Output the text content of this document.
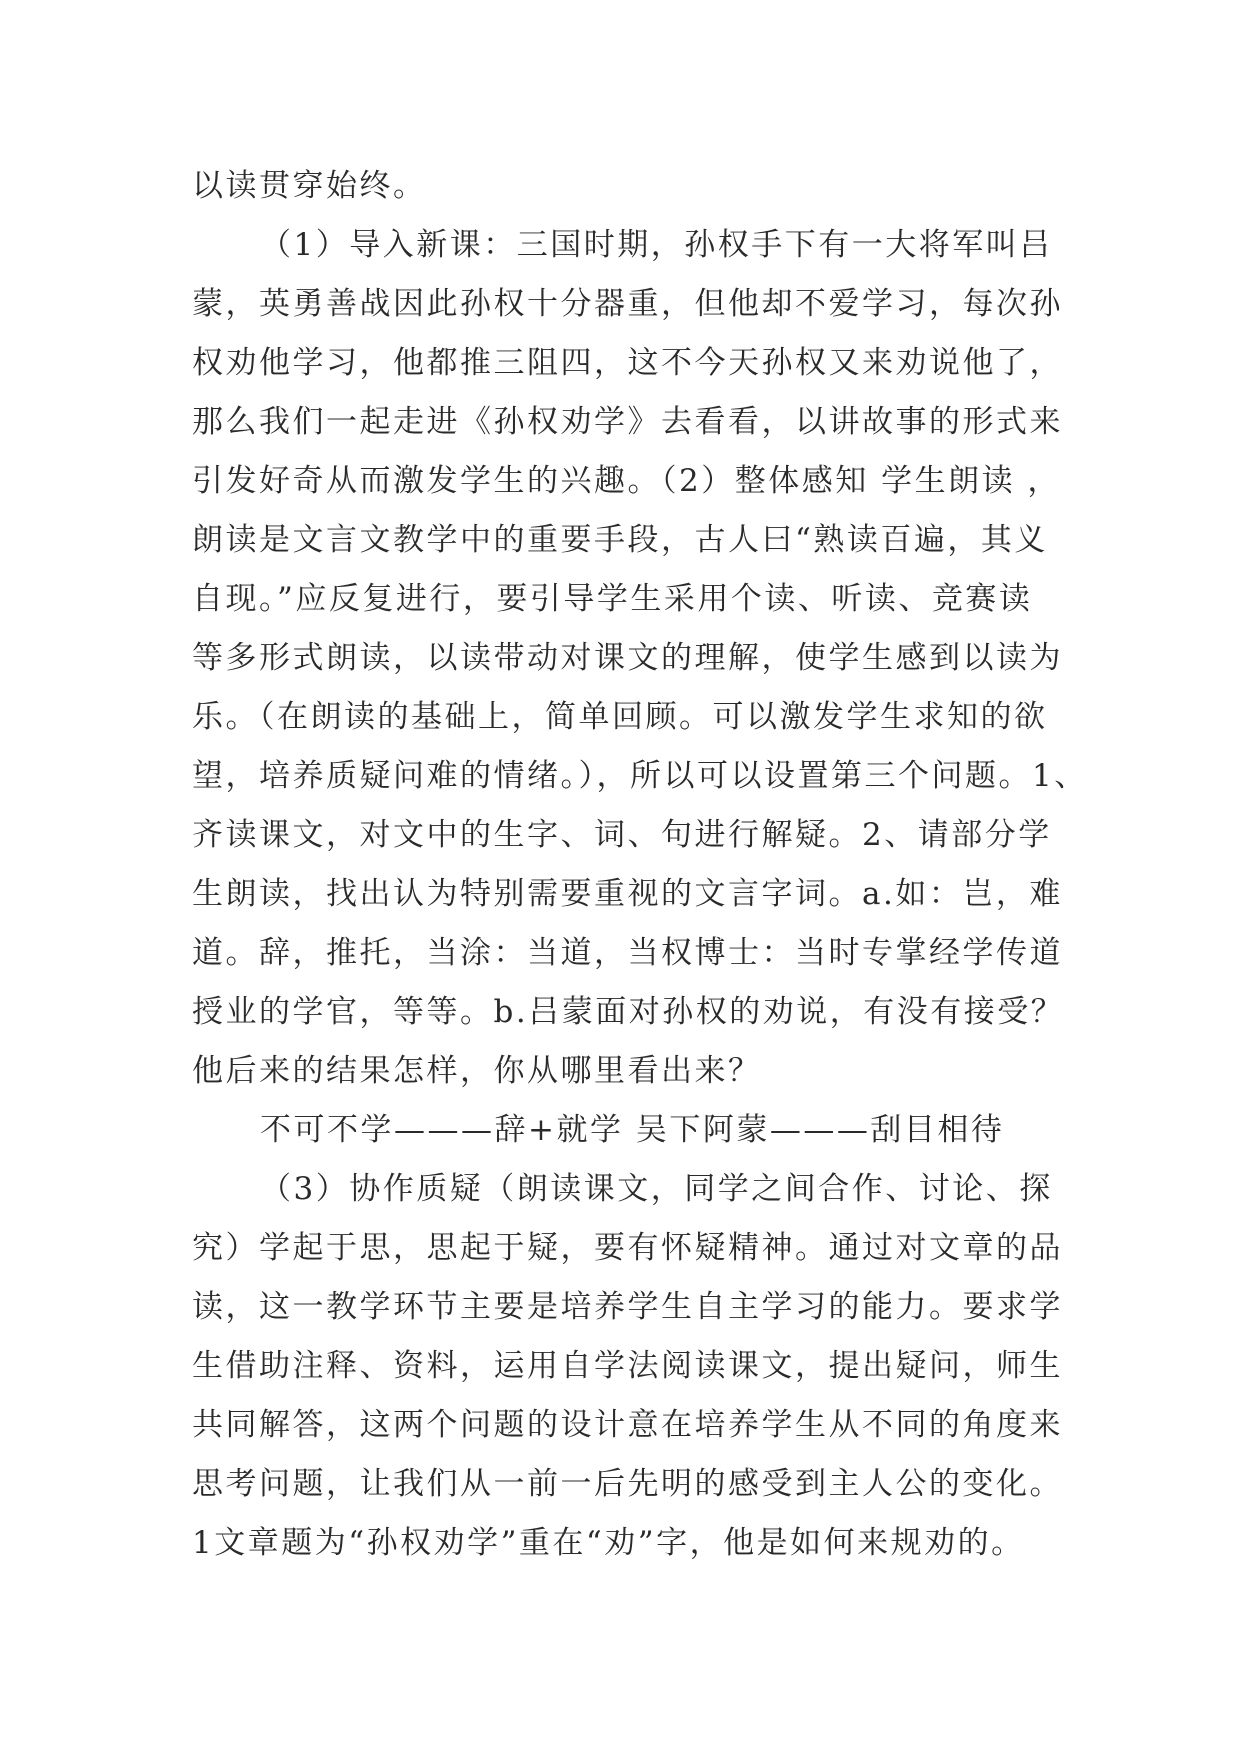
以读贯穿始终。
（1）导入新课：三国时期，孙权手下有一大将军叫吕
蒙，英勇善战因此孙权十分器重，但他却不爱学习，每次孙
权劝他学习，他都推三阻四，这不今天孙权又来劝说他了，
那么我们一起走进《孙权劝学》去看看，以讲故事的形式来
引发好奇从而激发学生的兴趣。（2）整体感知 学生朗读 ，
朗读是文言文教学中的重要手段，古人曰“熟读百遍，其义
自现。”应反复进行，要引导学生采用个读、听读、竞赛读
等多形式朗读，以读带动对课文的理解，使学生感到以读为
乐。（在朗读的基础上，简单回顾。可以激发学生求知的欲
望，培养质疑问难的情绪。），所以可以设置第三个问题。1、
齐读课文，对文中的生字、词、句进行解疑。2、请部分学
生朗读，找出认为特别需要重视的文言字词。a.如：岂，难
道。辞，推托，当涂：当道，当权博士：当时专掌经学传道
授业的学官，等等。b.吕蒙面对孙权的劝说，有没有接受？
他后来的结果怎样，你从哪里看出来？
不可不学———辞+就学 吴下阿蒙———刮目相待
（3）协作质疑（朗读课文，同学之间合作、讨论、探
究）学起于思，思起于疑，要有怀疑精神。通过对文章的品
读，这一教学环节主要是培养学生自主学习的能力。要求学
生借助注释、资料，运用自学法阅读课文，提出疑问，师生
共同解答，这两个问题的设计意在培养学生从不同的角度来
思考问题，让我们从一前一后先明的感受到主人公的变化。
1文章题为“孙权劝学”重在“劝”字，他是如何来规劝的。
